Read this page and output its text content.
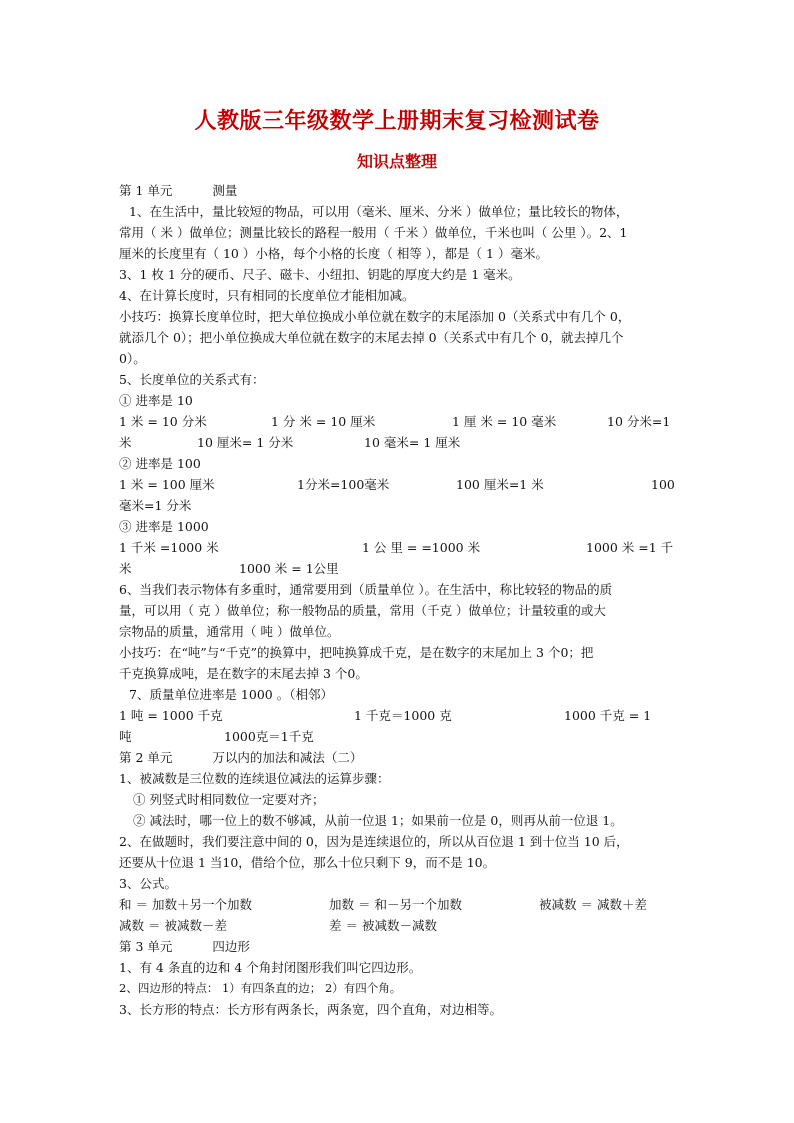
人教版三年级数学上册期末复习检测试卷
知识点整理
第 1 单元	测量
1、在生活中，量比较短的物品，可以用（毫米、厘米、分米 ）做单位；量比较长的物体，
常用（ 米 ）做单位；测量比较长的路程一般用（ 千米 ）做单位，千米也叫（ 公里 ）。2、1
厘米的长度里有（ 10 ）小格，每个小格的长度（ 相等 ），都是（ 1 ）毫米。
3、1 枚 1 分的硬币、尺子、磁卡、小纽扣、钥匙的厚度大约是 1 毫米。
4、在计算长度时，只有相同的长度单位才能相加减。
小技巧：换算长度单位时，把大单位换成小单位就在数字的末尾添加 0（关系式中有几个 0，
就添几个 0）；把小单位换成大单位就在数字的末尾去掉 0（关系式中有几个 0，就去掉几个
0）。
5、长度单位的关系式有：
① 进率是 10
1 米 = 10 分米	1 分 米 = 10 厘米	1 厘 米 = 10 毫米	10 分米=1
米	10 厘米= 1 分米	10 毫米= 1 厘米
② 进率是 100
1 米 = 100 厘米	1分米=100毫米	100 厘米=1 米	100
毫米=1 分米
③ 进率是 1000
1 千米 =1000 米	1 公 里 = =1000 米	1000 米 =1 千
米	1000 米 = 1公里
6、当我们表示物体有多重时，通常要用到（质量单位 ）。在生活中，称比较轻的物品的质
量，可以用（ 克 ）做单位；称一般物品的质量，常用（千克 ）做单位；计量较重的或大
宗物品的质量，通常用（ 吨 ）做单位。
小技巧：在“吨”与“千克”的换算中，把吨换算成千克，是在数字的末尾加上 3 个0；把
千克换算成吨，是在数字的末尾去掉 3 个0。
7、质量单位进率是 1000 。（相邻）
1 吨 = 1000 千克	1 千克＝1000 克	1000 千克 = 1
吨	1000克＝1千克
第 2 单元	万以内的加法和减法（二）
1、被减数是三位数的连续退位减法的运算步骤：
① 列竖式时相同数位一定要对齐；
② 减法时，哪一位上的数不够减，从前一位退 1；如果前一位是 0，则再从前一位退 1。
2、在做题时，我们要注意中间的 0，因为是连续退位的，所以从百位退 1 到十位当 10 后，
还要从十位退 1 当10，借给个位，那么十位只剩下 9，而不是 10。
3、公式。
和 ＝ 加数＋另一个加数	加数 ＝ 和－另一个加数	被减数 ＝ 减数＋差
减数 ＝ 被减数－差	差 ＝ 被减数－减数
第 3 单元	四边形
1、有 4 条直的边和 4 个角封闭图形我们叫它四边形。
2、四边形的特点： 1）有四条直的边； 2）有四个角。
3、长方形的特点：长方形有两条长，两条宽，四个直角，对边相等。
